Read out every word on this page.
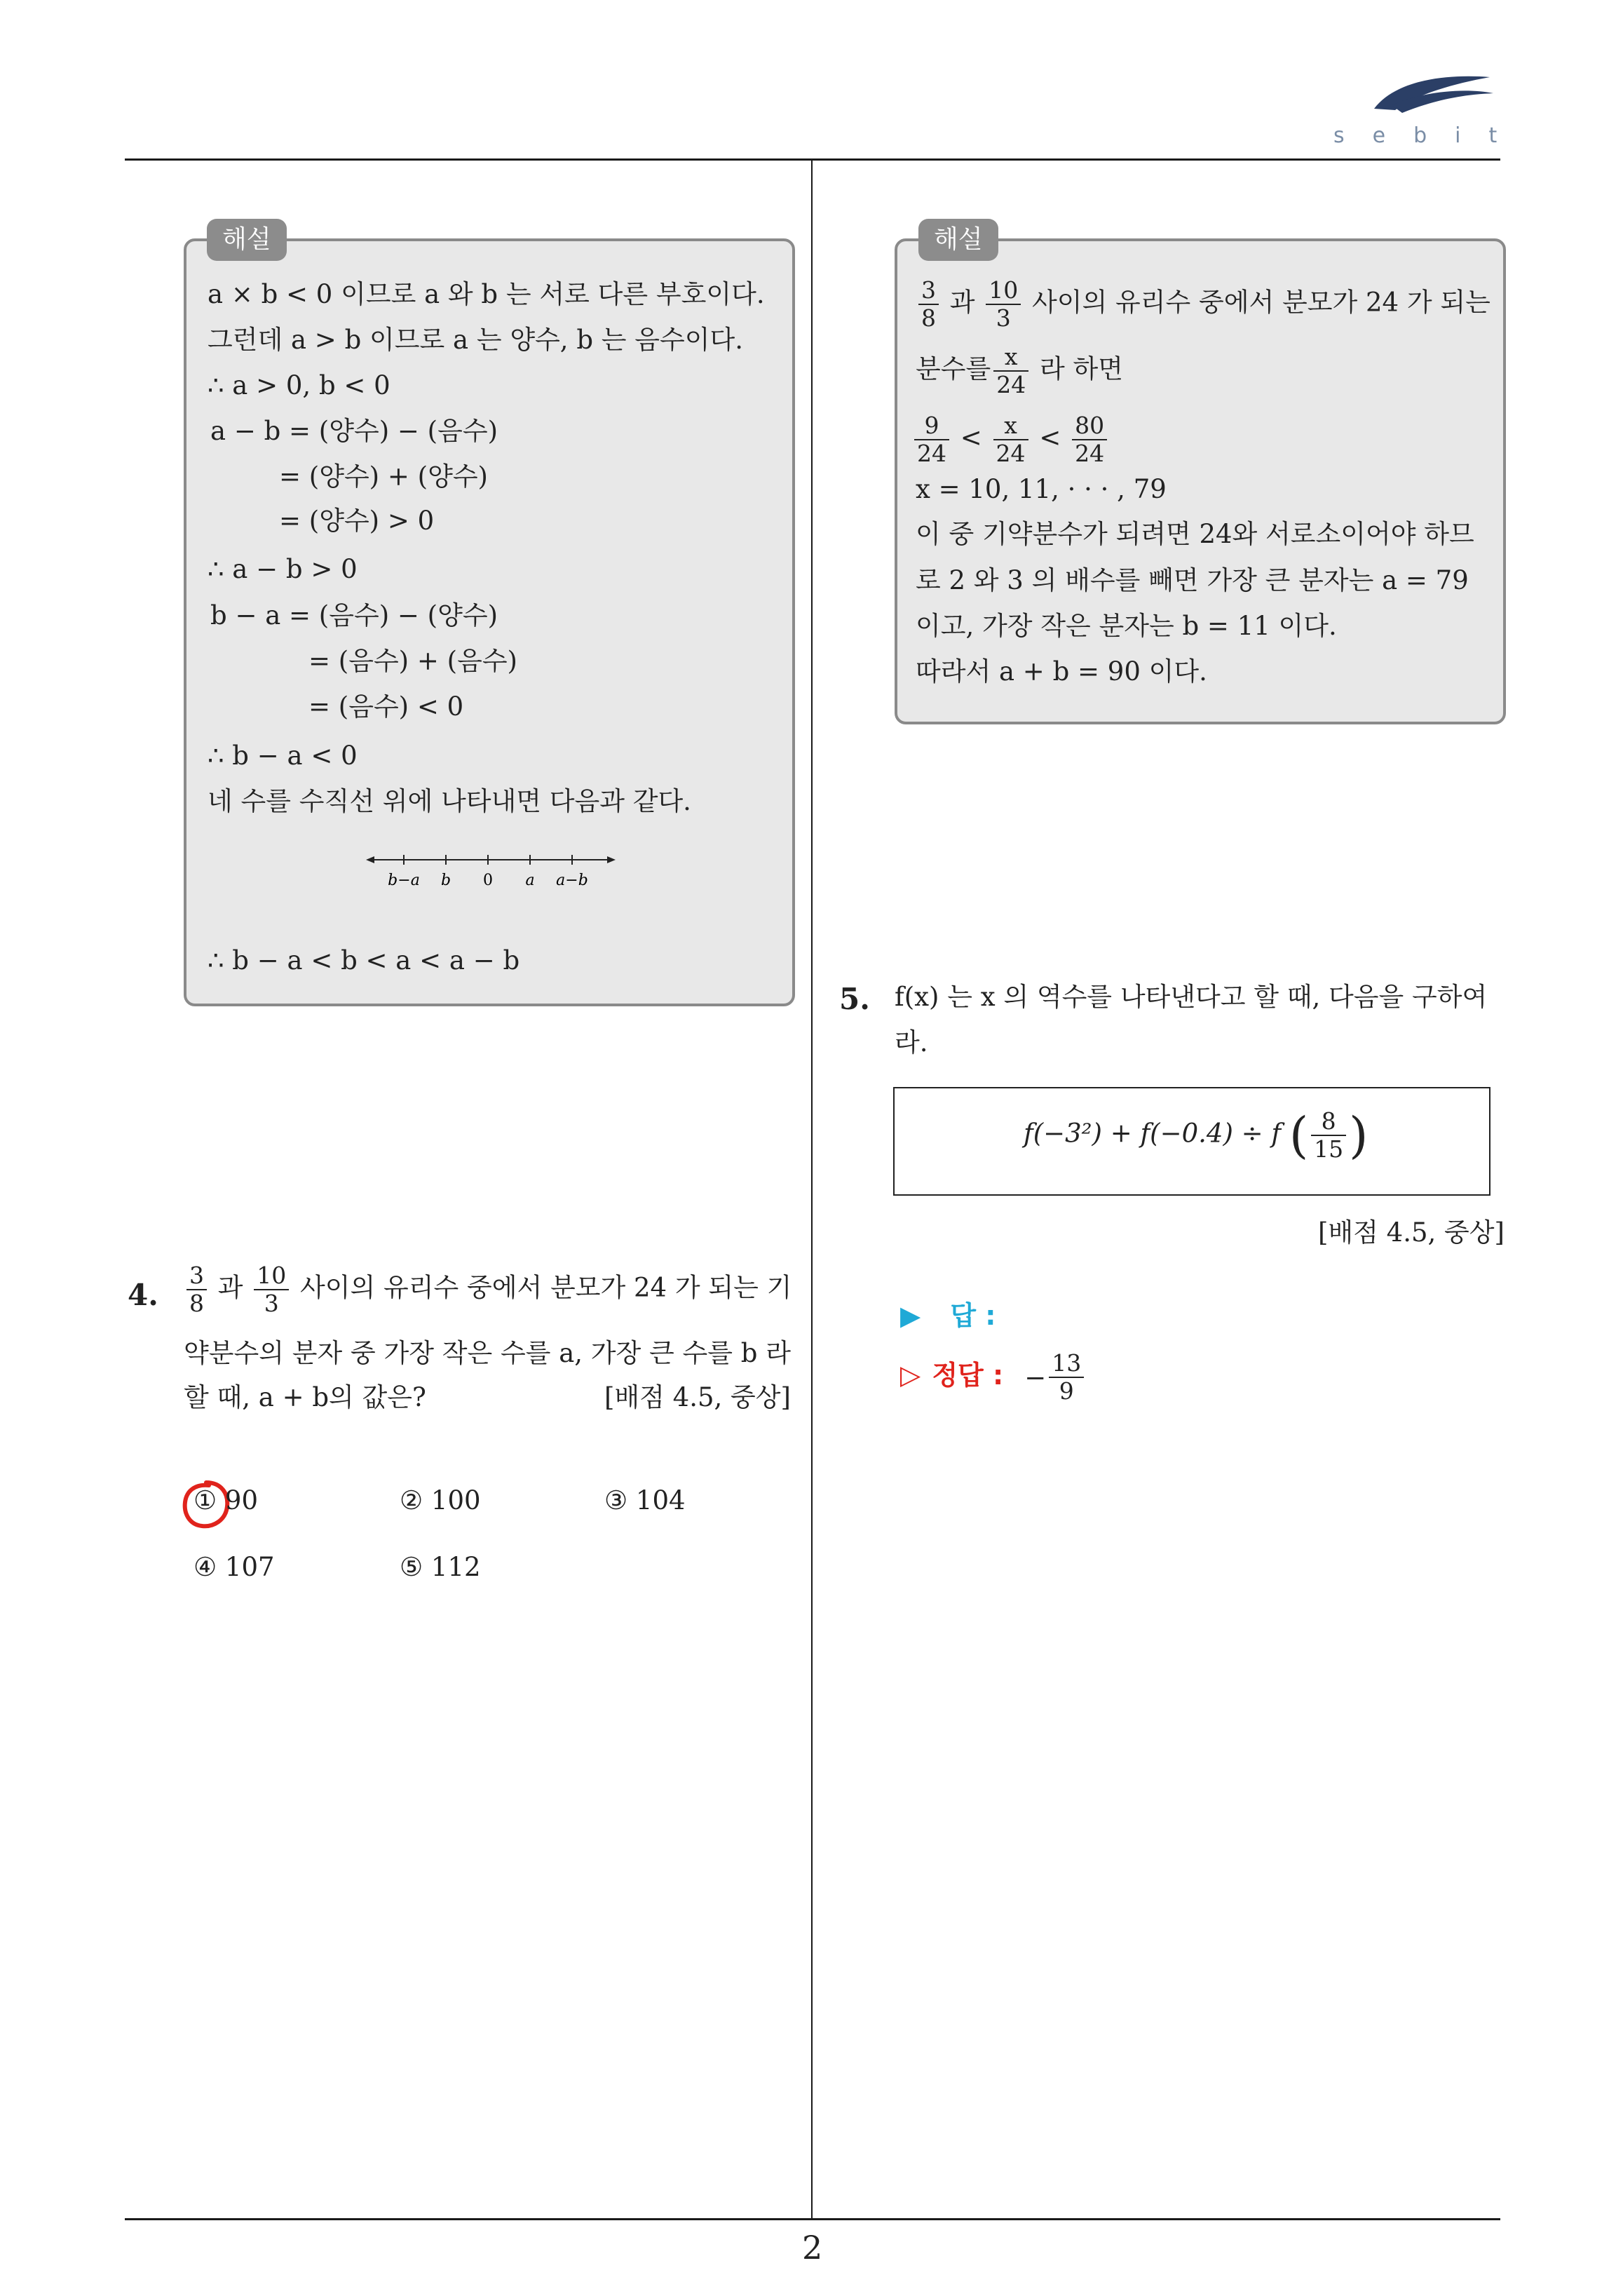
sebit
2
해설
a × b < 0 이므로 a 와 b 는 서로 다른 부호이다.
그런데 a > b 이므로 a 는 양수, b 는 음수이다.
∴ a > 0, b < 0
a − b = (양수) − (음수)
= (양수) + (양수)
= (양수) > 0
∴ a − b > 0
b − a = (음수) − (양수)
= (음수) + (음수)
= (음수) < 0
∴ b − a < 0
네 수를 수직선 위에 나타내면 다음과 같다.
b−a b 0 a a−b
∴ b − a < b < a < a − b
4. $\frac{3}{8}$ 과 $\frac{10}{3}$ 사이의 유리수 중에서 분모가 24 가 되는 기
약분수의 분자 중 가장 작은 수를 a, 가장 큰 수를 b 라
할 때, a + b의 값은?	[배점 4.5, 중상]
① 90	② 100	③ 104
④ 107	⑤ 112
해설
$\frac{3}{8}$ 과 $\frac{10}{3}$ 사이의 유리수 중에서 분모가 24 가 되는
분수를 $\frac{x}{24}$ 라 하면
$\frac{9}{24} < \frac{x}{24} < \frac{80}{24}$
x = 10, 11, · · · , 79
이 중 기약분수가 되려면 24와 서로소이어야 하므
로 2 와 3 의 배수를 빼면 가장 큰 분자는 a = 79
이고, 가장 작은 분자는 b = 11 이다.
따라서 a + b = 90 이다.
5. f(x) 는 x 의 역수를 나타낸다고 할 때, 다음을 구하여
라.
f(−3²) + f(−0.4) ÷ f ( $\frac{8}{15}$ )
[배점 4.5, 중상]
▶ 답 :
▷ 정답 : − $\frac{13}{9}$
